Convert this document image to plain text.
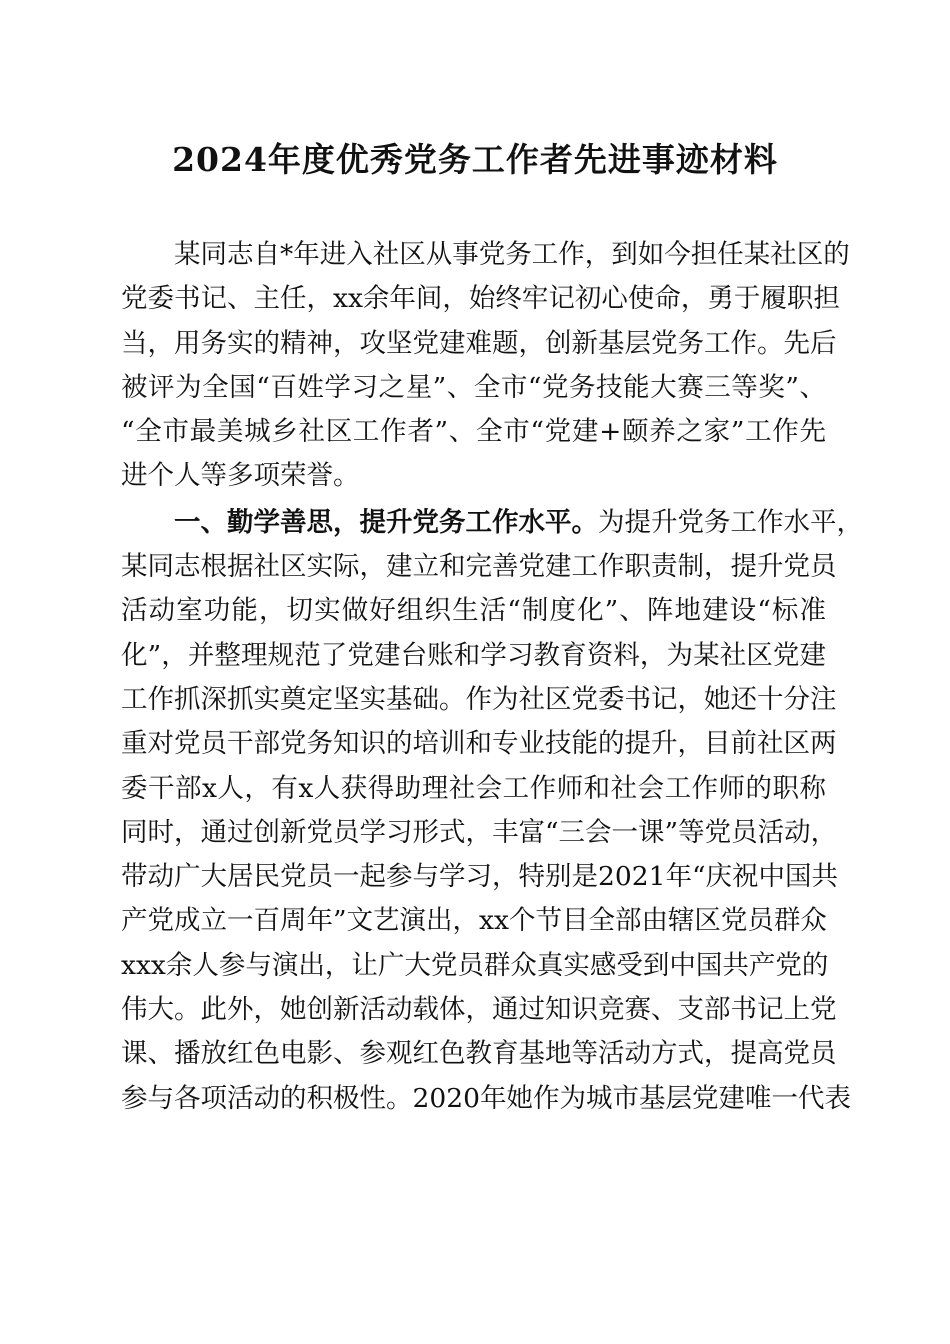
2024年度优秀党务工作者先进事迹材料
某同志自*年进入社区从事党务工作，到如今担任某社区的
党委书记、主任，xx余年间，始终牢记初心使命，勇于履职担
当，用务实的精神，攻坚党建难题，创新基层党务工作。先后
被评为全国“百姓学习之星”、全市“党务技能大赛三等奖”、
“全市最美城乡社区工作者”、全市“党建+颐养之家”工作先
进个人等多项荣誉。
一、勤学善思，提升党务工作水平。为提升党务工作水平，
某同志根据社区实际，建立和完善党建工作职责制，提升党员
活动室功能，切实做好组织生活“制度化”、阵地建设“标准
化”，并整理规范了党建台账和学习教育资料，为某社区党建
工作抓深抓实奠定坚实基础。作为社区党委书记，她还十分注
重对党员干部党务知识的培训和专业技能的提升，目前社区两
委干部x人，有x人获得助理社会工作师和社会工作师的职称
同时，通过创新党员学习形式，丰富“三会一课”等党员活动，
带动广大居民党员一起参与学习，特别是2021年“庆祝中国共
产党成立一百周年”文艺演出，xx个节目全部由辖区党员群众
xxx余人参与演出，让广大党员群众真实感受到中国共产党的
伟大。此外，她创新活动载体，通过知识竞赛、支部书记上党
课、播放红色电影、参观红色教育基地等活动方式，提高党员
参与各项活动的积极性。2020年她作为城市基层党建唯一代表
